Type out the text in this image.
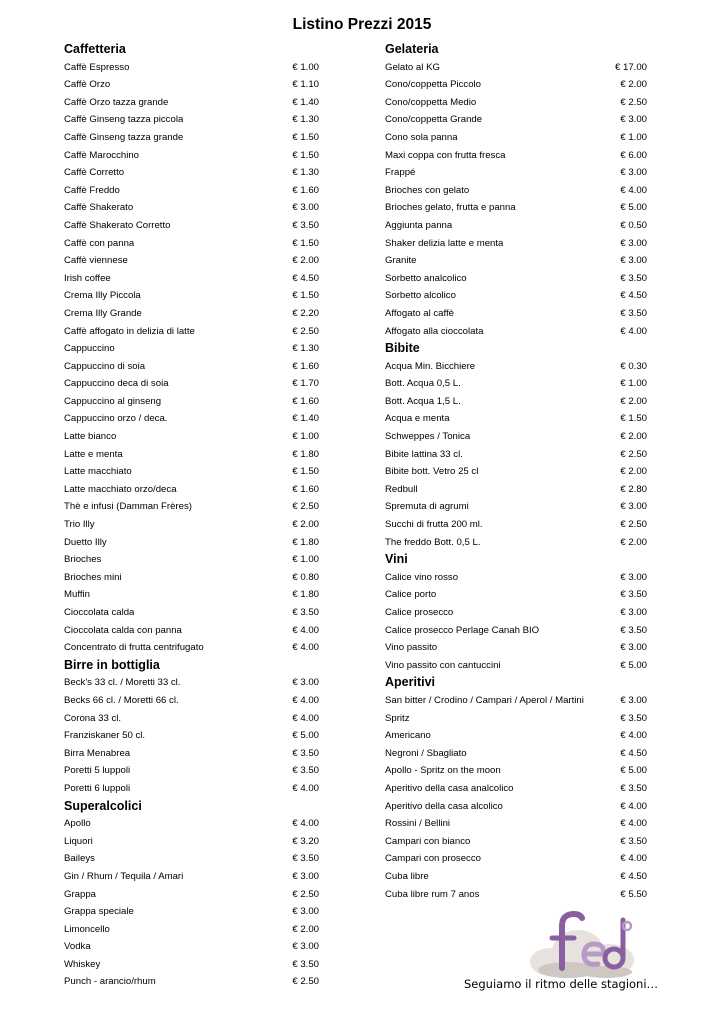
Listino Prezzi 2015
Caffetteria
Caffè Espresso	€ 1.00
Caffè Orzo	€ 1.10
Caffè Orzo tazza grande	€ 1.40
Caffè Ginseng tazza piccola	€ 1.30
Caffè Ginseng tazza grande	€ 1.50
Caffè Marocchino	€ 1.50
Caffè Corretto	€ 1.30
Caffè Freddo	€ 1.60
Caffè Shakerato	€ 3.00
Caffè Shakerato Corretto	€ 3.50
Caffè con panna	€ 1.50
Caffè viennese	€ 2.00
Irish coffee	€ 4.50
Crema Illy Piccola	€ 1.50
Crema Illy Grande	€ 2.20
Caffè affogato in delizia di latte	€ 2.50
Cappuccino	€ 1.30
Cappuccino di soia	€ 1.60
Cappuccino deca di soia	€ 1.70
Cappuccino al ginseng	€ 1.60
Cappuccino orzo / deca.	€ 1.40
Latte bianco	€ 1.00
Latte e menta	€ 1.80
Latte macchiato	€ 1.50
Latte macchiato orzo/deca	€ 1.60
Thè e infusi (Damman Frères)	€ 2.50
Trio Illy	€ 2.00
Duetto Illy	€ 1.80
Brioches	€ 1.00
Brioches mini	€ 0.80
Muffin	€ 1.80
Cioccolata calda	€ 3.50
Cioccolata calda con panna	€ 4.00
Concentrato di frutta centrifugato	€ 4.00
Birre in bottiglia
Beck's 33 cl. / Moretti 33 cl.	€ 3.00
Becks 66 cl. / Moretti 66 cl.	€ 4.00
Corona 33 cl.	€ 4.00
Franziskaner 50 cl.	€ 5.00
Birra Menabrea	€ 3.50
Poretti 5 luppoli	€ 3.50
Poretti 6 luppoli	€ 4.00
Superalcolici
Apollo	€ 4.00
Liquori	€ 3.20
Baileys	€ 3.50
Gin / Rhum / Tequila / Amari	€ 3.00
Grappa	€ 2.50
Grappa speciale	€ 3.00
Limoncello	€ 2.00
Vodka	€ 3.00
Whiskey	€ 3.50
Punch - arancio/rhum	€ 2.50
Gelateria
Gelato al KG	€ 17.00
Cono/coppetta Piccolo	€ 2.00
Cono/coppetta Medio	€ 2.50
Cono/coppetta Grande	€ 3.00
Cono sola panna	€ 1.00
Maxi coppa con frutta fresca	€ 6.00
Frappé	€ 3.00
Brioches con gelato	€ 4.00
Brioches gelato, frutta e panna	€ 5.00
Aggiunta panna	€ 0.50
Shaker delizia latte e menta	€ 3.00
Granite	€ 3.00
Sorbetto analcolico	€ 3.50
Sorbetto alcolico	€ 4.50
Affogato al caffè	€ 3.50
Affogato alla cioccolata	€ 4.00
Bibite
Acqua Min. Bicchiere	€ 0.30
Bott. Acqua 0,5 L.	€ 1.00
Bott. Acqua 1,5 L.	€ 2.00
Acqua e menta	€ 1.50
Schweppes / Tonica	€ 2.00
Bibite lattina 33 cl.	€ 2.50
Bibite bott. Vetro 25 cl	€ 2.00
Redbull	€ 2.80
Spremuta di agrumi	€ 3.00
Succhi di frutta 200 ml.	€ 2.50
The freddo Bott. 0,5 L.	€ 2.00
Vini
Calice vino rosso	€ 3.00
Calice porto	€ 3.50
Calice prosecco	€ 3.00
Calice prosecco Perlage Canah BIO	€ 3.50
Vino passito	€ 3.00
Vino passito con cantuccini	€ 5.00
Aperitivi
San bitter / Crodino / Campari / Aperol / Martini	€ 3.00
Spritz	€ 3.50
Americano	€ 4.00
Negroni / Sbagliato	€ 4.50
Apollo - Spritz on the moon	€ 5.00
Aperitivo della casa analcolico	€ 3.50
Aperitivo della casa alcolico	€ 4.00
Rossini / Bellini	€ 4.00
Campari con bianco	€ 3.50
Campari con prosecco	€ 4.00
Cuba libre	€ 4.50
Cuba libre rum 7 anos	€ 5.50
Seguiamo il ritmo delle stagioni…
